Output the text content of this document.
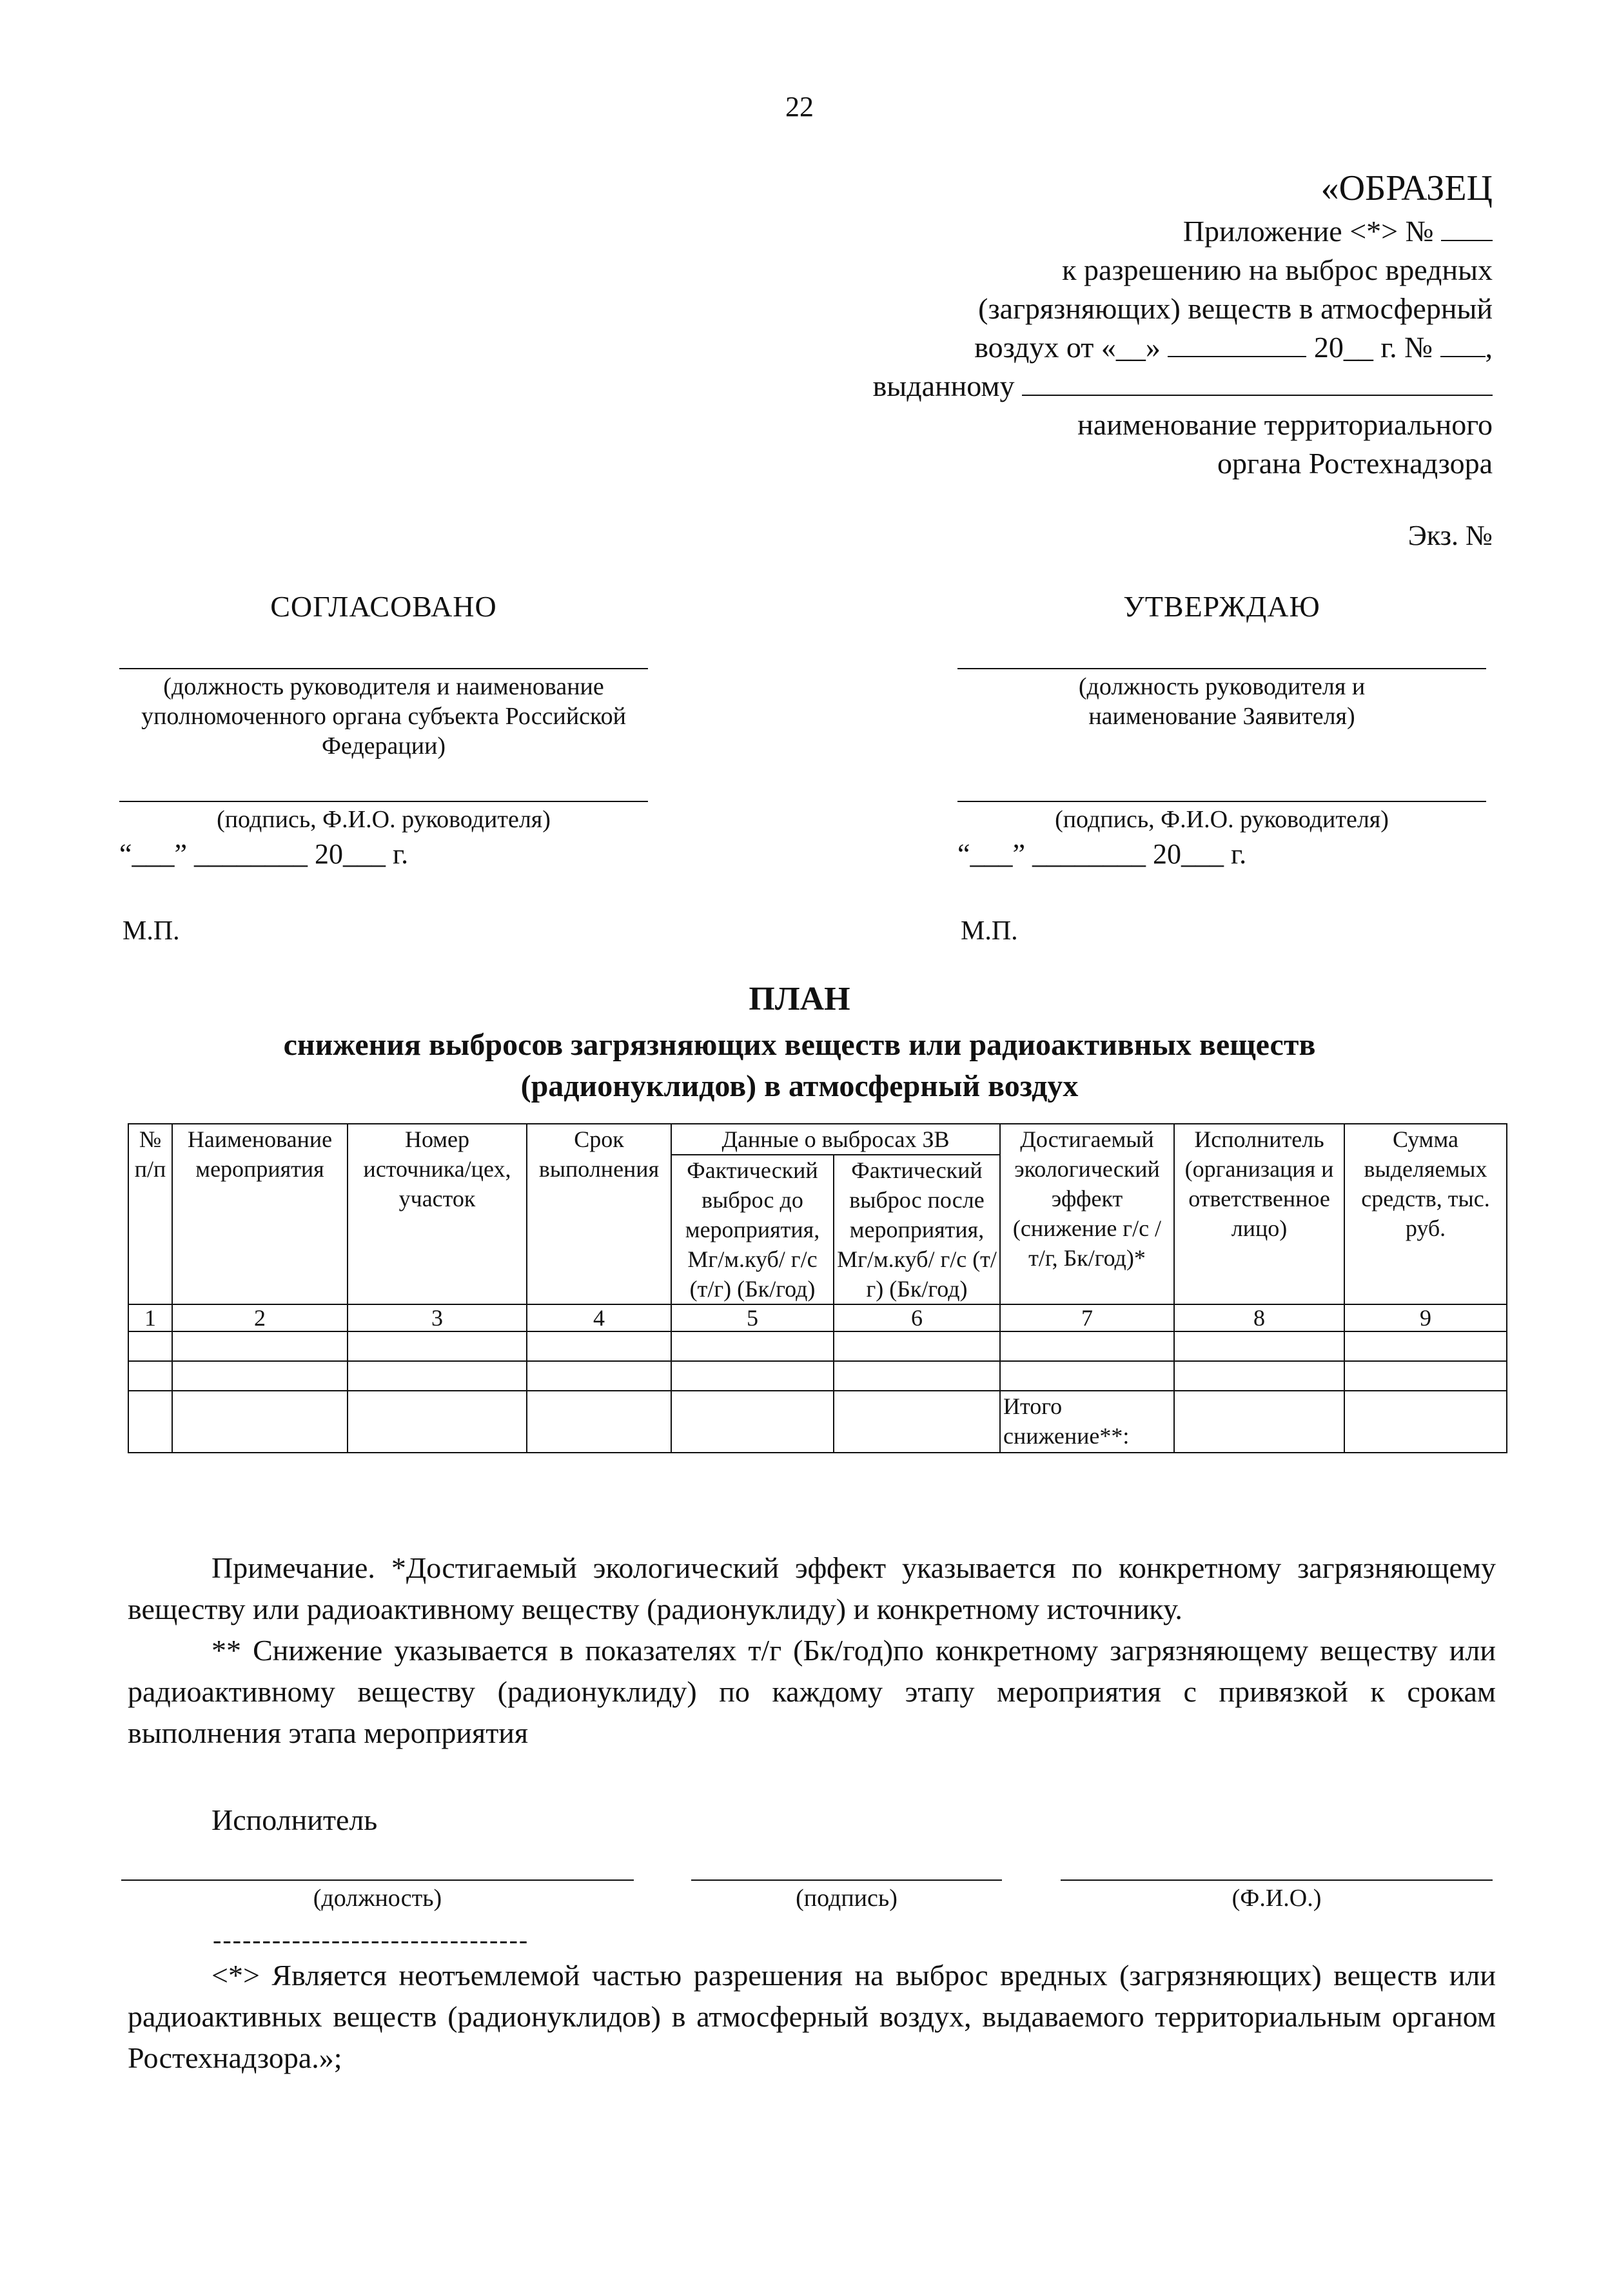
22
«ОБРАЗЕЦ
Приложение <*> №
к разрешению на выброс вредных
(загрязняющих) веществ в атмосферный
воздух от «__»	20__ г. № ,
выданному
наименование территориального
органа Ростехнадзора
Экз. №
СОГЛАСОВАНО
(должность руководителя и наименование уполномоченного органа субъекта Российской Федерации)
(подпись, Ф.И.О. руководителя)
“___” ________ 20___ г.
М.П.
УТВЕРЖДАЮ
(должность руководителя и наименование Заявителя)
(подпись, Ф.И.О. руководителя)
“___” ________ 20___ г.
М.П.
ПЛАН
снижения выбросов загрязняющих веществ или радиоактивных веществ
(радионуклидов) в атмосферный воздух
№ п/п	Наименование мероприятия	Номер источника/цех, участок	Срок выполнения	Данные о выбросах ЗВ		Достигаемый экологический эффект (снижение г/с / т/г, Бк/год)*	Исполнитель (организация и ответственное лицо)	Сумма выделяемых средств, тыс. руб.
				Фактический выброс до мероприятия, Мг/м.куб/ г/с (т/г) (Бк/год)	Фактический выброс после мероприятия, Мг/м.куб/ г/с (т/г) (Бк/год)			
1	2	3	4	5	6	7	8	9

						Итого снижение**:		

Примечание. *Достигаемый экологический эффект указывается по конкретному загрязняющему веществу или радиоактивному веществу (радионуклиду) и конкретному источнику.

** Снижение указывается в показателях т/г (Бк/год)по конкретному загрязняющему веществу или радиоактивному веществу (радионуклиду) по каждому этапу мероприятия с привязкой к срокам выполнения этапа мероприятия

Исполнитель
(должность)	(подпись)	(Ф.И.О.)
--------------------------------

<*> Является неотъемлемой частью разрешения на выброс вредных (загрязняющих) веществ или радиоактивных веществ (радионуклидов) в атмосферный воздух, выдаваемого территориальным органом Ростехнадзора.»;
